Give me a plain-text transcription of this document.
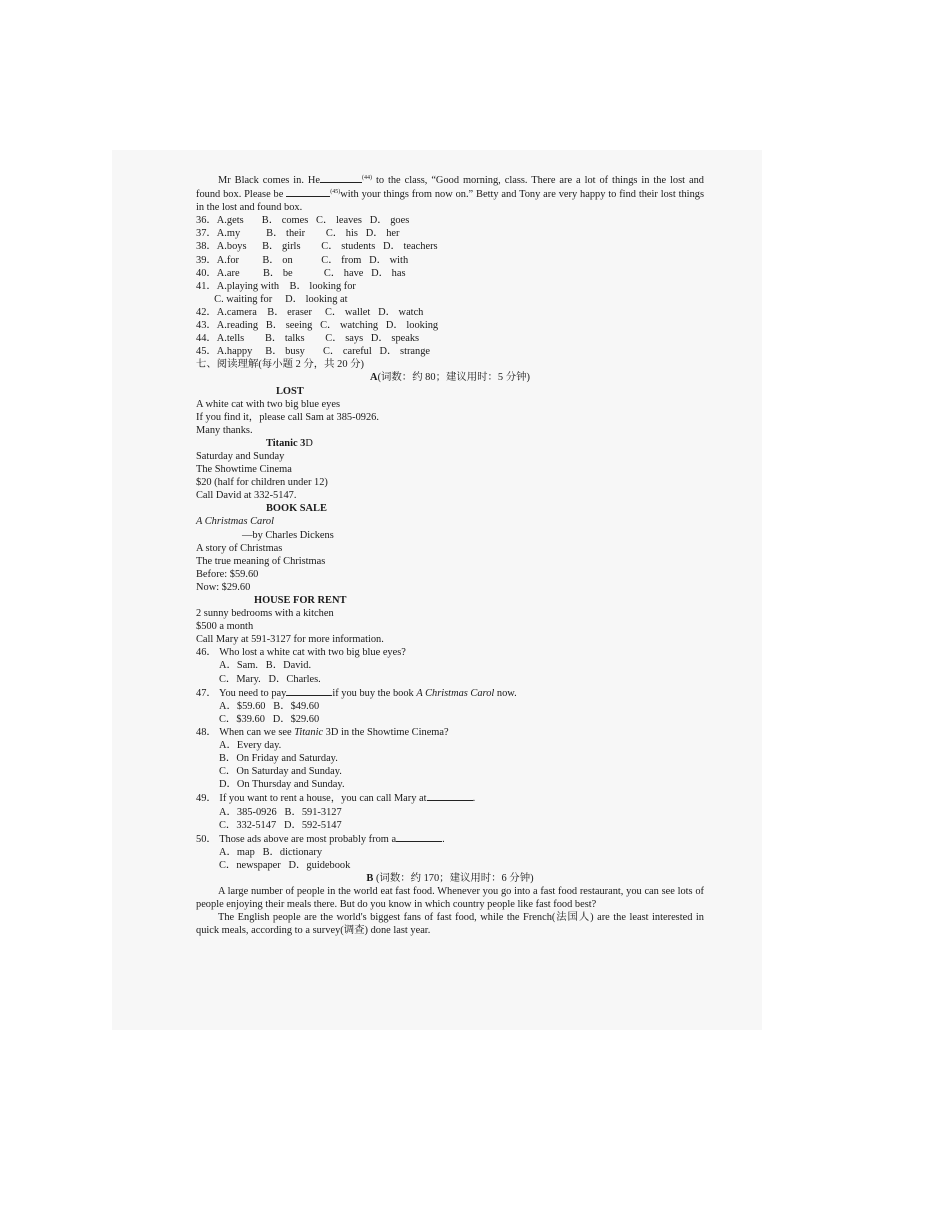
Mr Black comes in. He	$^{(44)}$ to the class, “Good morning, class. There are a lot of things in the lost and found box. Please be	$^{(45)}$with your things from now on.” Betty and Tony are very happy to find their lost things in the lost and found box.

36．A.gets       B． comes   C． leaves   D． goes

37．A.my          B． their        C． his   D． her

38．A.boys      B． girls        C． students   D． teachers

39．A.for         B． on           C． from   D． with

40．A.are         B． be            C． have   D． has

41．A.playing with    B． looking for

C. waiting for     D． looking at

42．A.camera    B． eraser     C． wallet   D． watch

43．A.reading   B． seeing   C． watching   D． looking

44．A.tells        B． talks        C． says   D． speaks

45．A.happy     B． busy       C． careful   D． strange

七、阅读理解(每小题 2 分，共 20 分)

A(词数：约 80；建议用时：5 分钟)

LOST

A white cat with two big blue eyes

If you find it，please call Sam at 385-0926.

Many thanks.

Titanic 3D

Saturday and Sunday

The Showtime Cinema

$20 (half for children under 12)

Call David at 332-5147.

BOOK SALE

A Christmas Carol

—by Charles Dickens

A story of Christmas

The true meaning of Christmas

Before: $59.60

Now: $29.60

HOUSE FOR RENT

2 sunny bedrooms with a kitchen

$500 a month

Call Mary at 591-3127 for more information.

46． Who lost a white cat with two big blue eyes?

A．Sam.   B．David.

C．Mary.   D．Charles.

47． You need to pay	if you buy the book A Christmas Carol now.

A．$59.60   B．$49.60

C．$39.60   D．$29.60

48． When can we see Titanic 3D in the Showtime Cinema?

A．Every day.

B．On Friday and Saturday.

C．On Saturday and Sunday.

D．On Thursday and Sunday.

49． If you want to rent a house，you can call Mary at	.

A．385-0926   B．591-3127

C．332-5147   D．592-5147

50． Those ads above are most probably from a	.

A．map   B．dictionary

C．newspaper   D．guidebook

B (词数：约 170；建议用时：6 分钟)

A large number of people in the world eat fast food. Whenever you go into a fast food restaurant, you can see lots of people enjoying their meals there. But do you know in which country people like fast food best?

The English people are the world's biggest fans of fast food, while the French(法国人) are the least interested in quick meals, according to a survey(调查) done last year.
